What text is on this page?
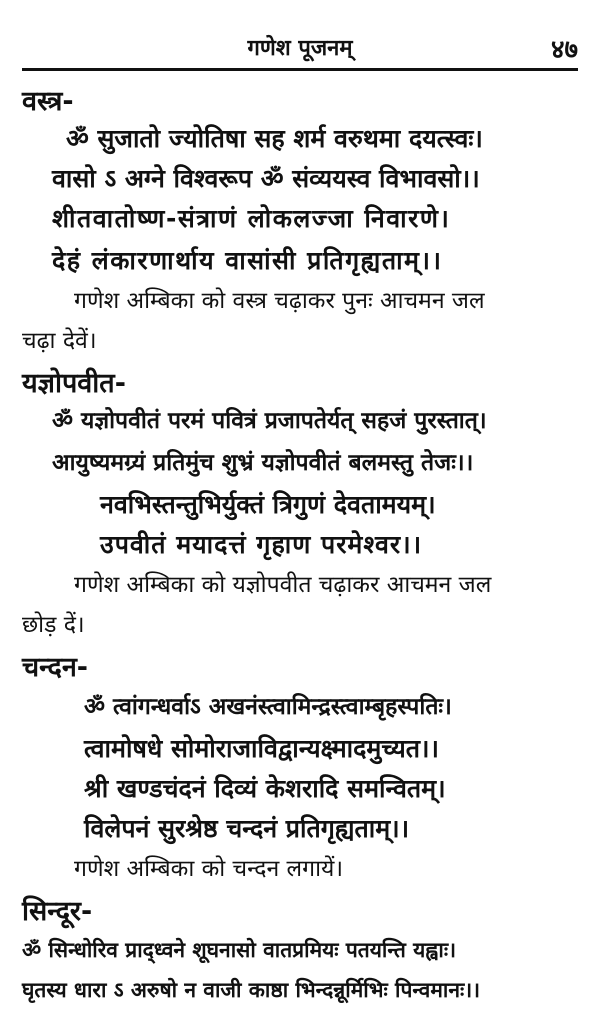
गणेश पूजनम्	४७
वस्त्र-
ॐ सुजातो ज्योतिषा सह शर्म वरुथमा दयत्स्वः।
वासो ऽ अग्ने विश्वरूप ॐ संव्ययस्व विभावसो।।
शीतवातोष्ण-संत्राणं लोकलज्जा निवारणे।
देहं लंकारणार्थाय वासांसी प्रतिगृह्यताम्।।
गणेश अम्बिका को वस्त्र चढ़ाकर पुनः आचमन जल
चढ़ा देवें।
यज्ञोपवीत-
ॐ यज्ञोपवीतं परमं पवित्रं प्रजापतेर्यत् सहजं पुरस्तात्।
आयुष्यमग्र्यं प्रतिमुंच शुभ्रं यज्ञोपवीतं बलमस्तु तेजः।।
नवभिस्तन्तुभिर्युक्तं त्रिगुणं देवतामयम्।
उपवीतं मयादत्तं गृहाण परमेश्वर।।
गणेश अम्बिका को यज्ञोपवीत चढ़ाकर आचमन जल
छोड़ दें।
चन्दन-
ॐ त्वांगन्धर्वाऽ अखनंस्त्वामिन्द्रस्त्वाम्बृहस्पतिः।
त्वामोषधे सोमोराजाविद्वान्यक्ष्मादमुच्यत।।
श्री खण्डचंदनं दिव्यं केशरादि समन्वितम्।
विलेपनं सुरश्रेष्ठ चन्दनं प्रतिगृह्यताम्।।
गणेश अम्बिका को चन्दन लगायें।
सिन्दूर-
ॐ सिन्धोरिव प्राद्ध्वने शूघनासो वातप्रमियः पतयन्ति यह्वाः।
घृतस्य धारा ऽ अरुषो न वाजी काष्ठा भिन्दन्नूर्मिभिः पिन्वमानः।।
